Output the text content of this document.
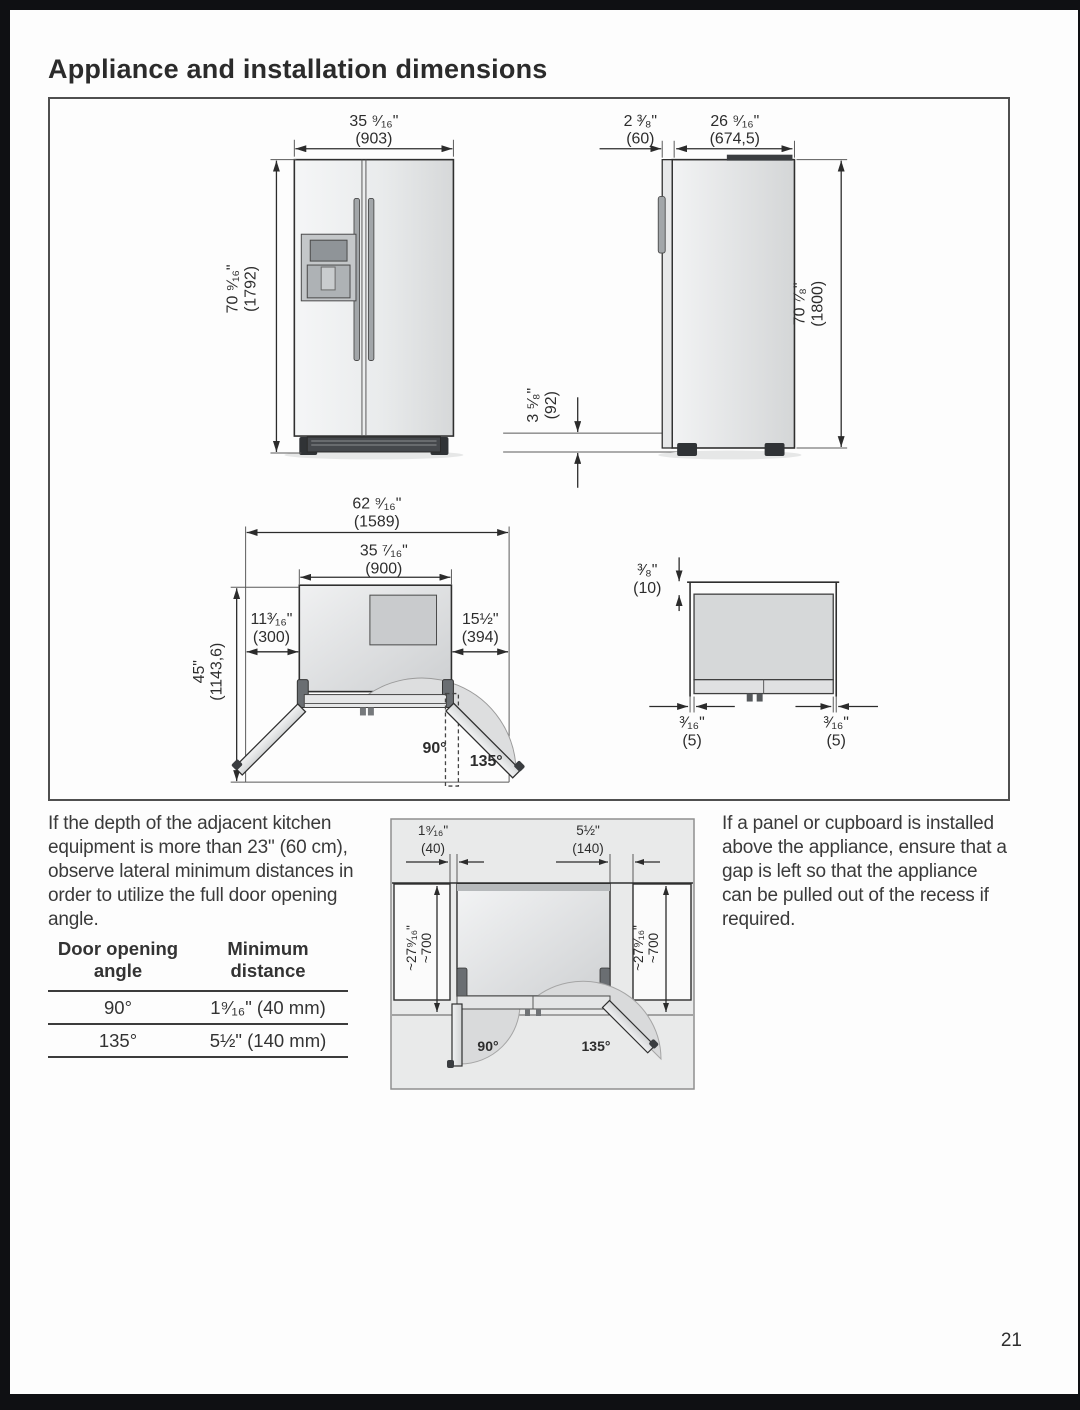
Appliance and installation dimensions
35 ⁹⁄₁₆"
(903)
70 ⁹⁄₁₆" (1792)
3 ⁵⁄₈" (92)
2 ³⁄₈"
(60)
26 ⁹⁄₁₆"
(674,5)
70 ⁷⁄₈" (1800)
62 ⁹⁄₁₆"
(1589)
35 ⁷⁄₁₆"
(900)
11³⁄₁₆"
(300)
15½"
(394)
45" (1143,6)
90°
135°
³⁄₈"
(10)
³⁄₁₆"
(5)
³⁄₁₆"
(5)
If the depth of the adjacent kitchen equipment is more than 23" (60 cm), observe lateral minimum distances in order to utilize the full door opening angle.
If a panel or cupboard is installed above the appliance, ensure that a gap is left so that the appliance can be pulled out of the recess if required.
Door opening angle
Minimum distance
90°	1⁹⁄₁₆" (40 mm)
135°	5½" (140 mm)
1⁹⁄₁₆"
(40)
5½"
(140)
~27⁹⁄₁₆" ~700	~27⁹⁄₁₆" ~700
90°	135°
21
